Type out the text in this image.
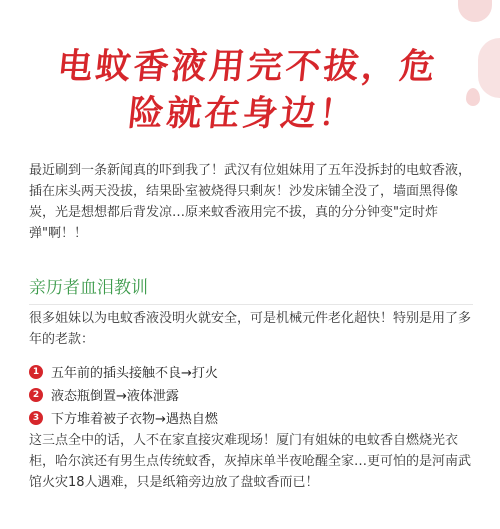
电蚊香液用完不拔，危
险就在身边！

最近刷到一条新闻真的吓到我了！武汉有位姐妹用了五年没拆封的电蚊香液，插在床头两天没拔，结果卧室被烧得只剩灰！沙发床铺全没了，墙面黑得像炭，光是想想都后背发凉…原来蚊香液用完不拔，真的分分钟变"定时炸弹"啊！！

亲历者血泪教训

很多姐妹以为电蚊香液没明火就安全，可是机械元件老化超快！特别是用了多年的老款：

1 五年前的插头接触不良→打火
2 液态瓶倒置→液体泄露
3 下方堆着被子衣物→遇热自燃

这三点全中的话，人不在家直接灾难现场！厦门有姐妹的电蚊香自燃烧光衣柜，哈尔滨还有男生点传统蚊香，灰掉床单半夜呛醒全家…更可怕的是河南武馆火灾18人遇难，只是纸箱旁边放了盘蚊香而已！
